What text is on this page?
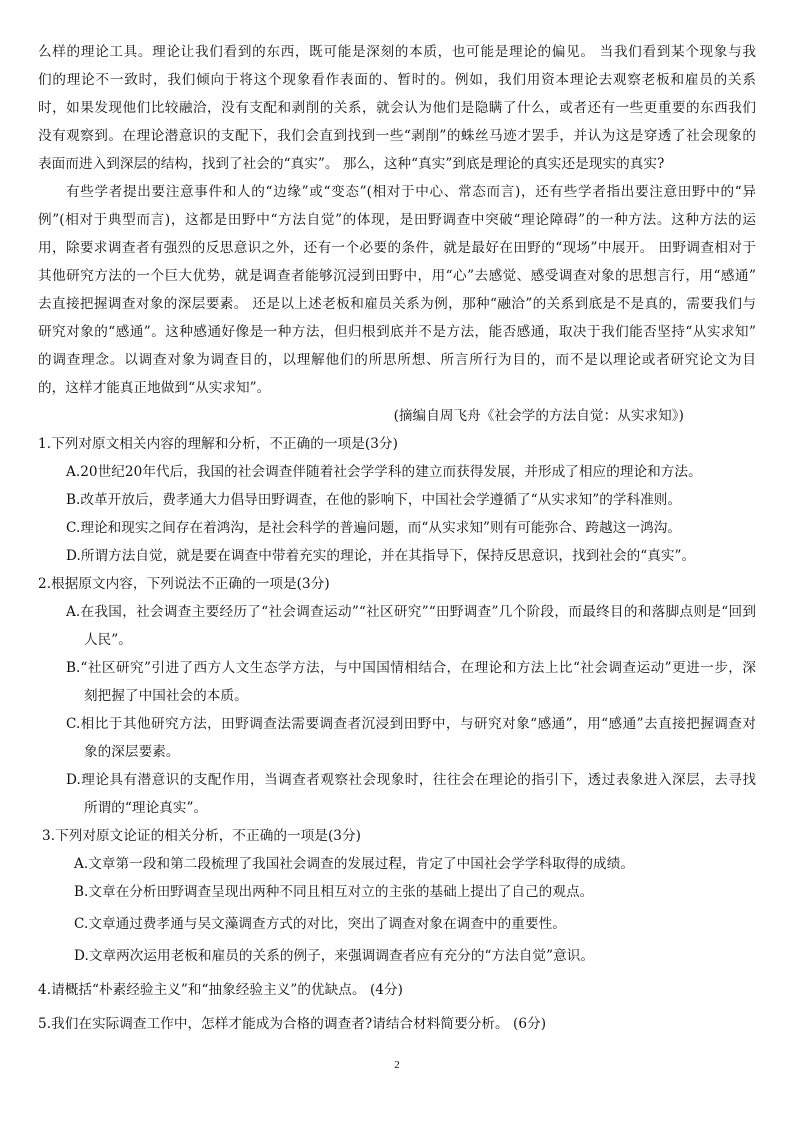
么样的理论工具。理论让我们看到的东西，既可能是深刻的本质，也可能是理论的偏见。 当我们看到某个现象与我
们的理论不一致时，我们倾向于将这个现象看作表面的、暂时的。例如，我们用资本理论去观察老板和雇员的关系
时，如果发现他们比较融洽，没有支配和剥削的关系，就会认为他们是隐瞒了什么，或者还有一些更重要的东西我们
没有观察到。在理论潜意识的支配下，我们会直到找到一些“剥削”的蛛丝马迹才罢手，并认为这是穿透了社会现象的
表面而进入到深层的结构，找到了社会的“真实”。 那么，这种“真实”到底是理论的真实还是现实的真实?
有些学者提出要注意事件和人的“边缘”或“变态”(相对于中心、常态而言)，还有些学者指出要注意田野中的“异
例”(相对于典型而言)，这都是田野中“方法自觉”的体现，是田野调查中突破“理论障碍”的一种方法。这种方法的运
用，除要求调查者有强烈的反思意识之外，还有一个必要的条件，就是最好在田野的“现场”中展开。 田野调查相对于
其他研究方法的一个巨大优势，就是调查者能够沉浸到田野中，用“心”去感觉、感受调查对象的思想言行，用“感通”
去直接把握调查对象的深层要素。 还是以上述老板和雇员关系为例，那种“融洽”的关系到底是不是真的，需要我们与
研究对象的“感通”。这种感通好像是一种方法，但归根到底并不是方法，能否感通，取决于我们能否坚持“从实求知”
的调查理念。以调查对象为调查目的，以理解他们的所思所想、所言所行为目的，而不是以理论或者研究论文为目
的，这样才能真正地做到“从实求知”。
(摘编自周飞舟《社会学的方法自觉：从实求知》)
1.下列对原文相关内容的理解和分析，不正确的一项是(3分)
A.20世纪20年代后，我国的社会调查伴随着社会学学科的建立而获得发展，并形成了相应的理论和方法。
B.改革开放后，费孝通大力倡导田野调查，在他的影响下，中国社会学遵循了“从实求知”的学科准则。
C.理论和现实之间存在着鸿沟，是社会科学的普遍问题，而“从实求知”则有可能弥合、跨越这一鸿沟。
D.所谓方法自觉，就是要在调查中带着充实的理论，并在其指导下，保持反思意识，找到社会的“真实”。
2.根据原文内容，下列说法不正确的一项是(3分)
A.在我国，社会调查主要经历了“社会调查运动”“社区研究”“田野调查”几个阶段，而最终目的和落脚点则是“回到
人民”。
B.“社区研究”引进了西方人文生态学方法，与中国国情相结合，在理论和方法上比“社会调查运动”更进一步，深
刻把握了中国社会的本质。
C.相比于其他研究方法，田野调查法需要调查者沉浸到田野中，与研究对象“感通”，用“感通”去直接把握调查对
象的深层要素。
D.理论具有潜意识的支配作用，当调查者观察社会现象时，往往会在理论的指引下，透过表象进入深层，去寻找
所谓的“理论真实”。
3.下列对原文论证的相关分析，不正确的一项是(3分)
A.文章第一段和第二段梳理了我国社会调查的发展过程，肯定了中国社会学学科取得的成绩。
B.文章在分析田野调查呈现出两种不同且相互对立的主张的基础上提出了自己的观点。
C.文章通过费孝通与吴文藻调查方式的对比，突出了调查对象在调查中的重要性。
D.文章两次运用老板和雇员的关系的例子，来强调调查者应有充分的“方法自觉”意识。
4.请概括“朴素经验主义”和“抽象经验主义”的优缺点。 (4分)
5.我们在实际调查工作中，怎样才能成为合格的调查者?请结合材料简要分析。 (6分)
2
